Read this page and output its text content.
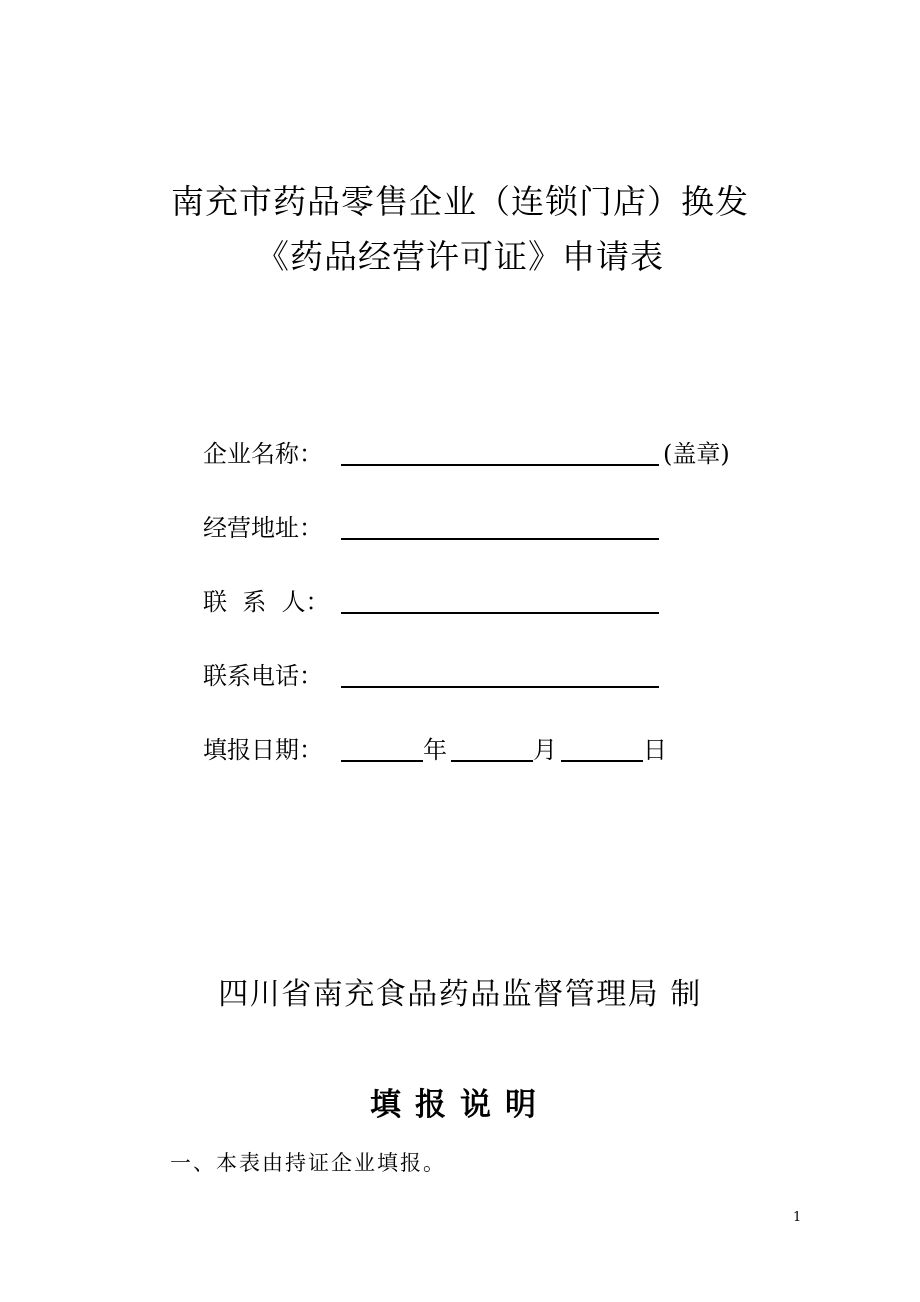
南充市药品零售企业（连锁门店）换发
《药品经营许可证》申请表
企业名称：	(盖章)
经营地址：
联  系  人：
联系电话：
填报日期：	年	月	日
四川省南充食品药品监督管理局 制
填报说明
一、本表由持证企业填报。
1
